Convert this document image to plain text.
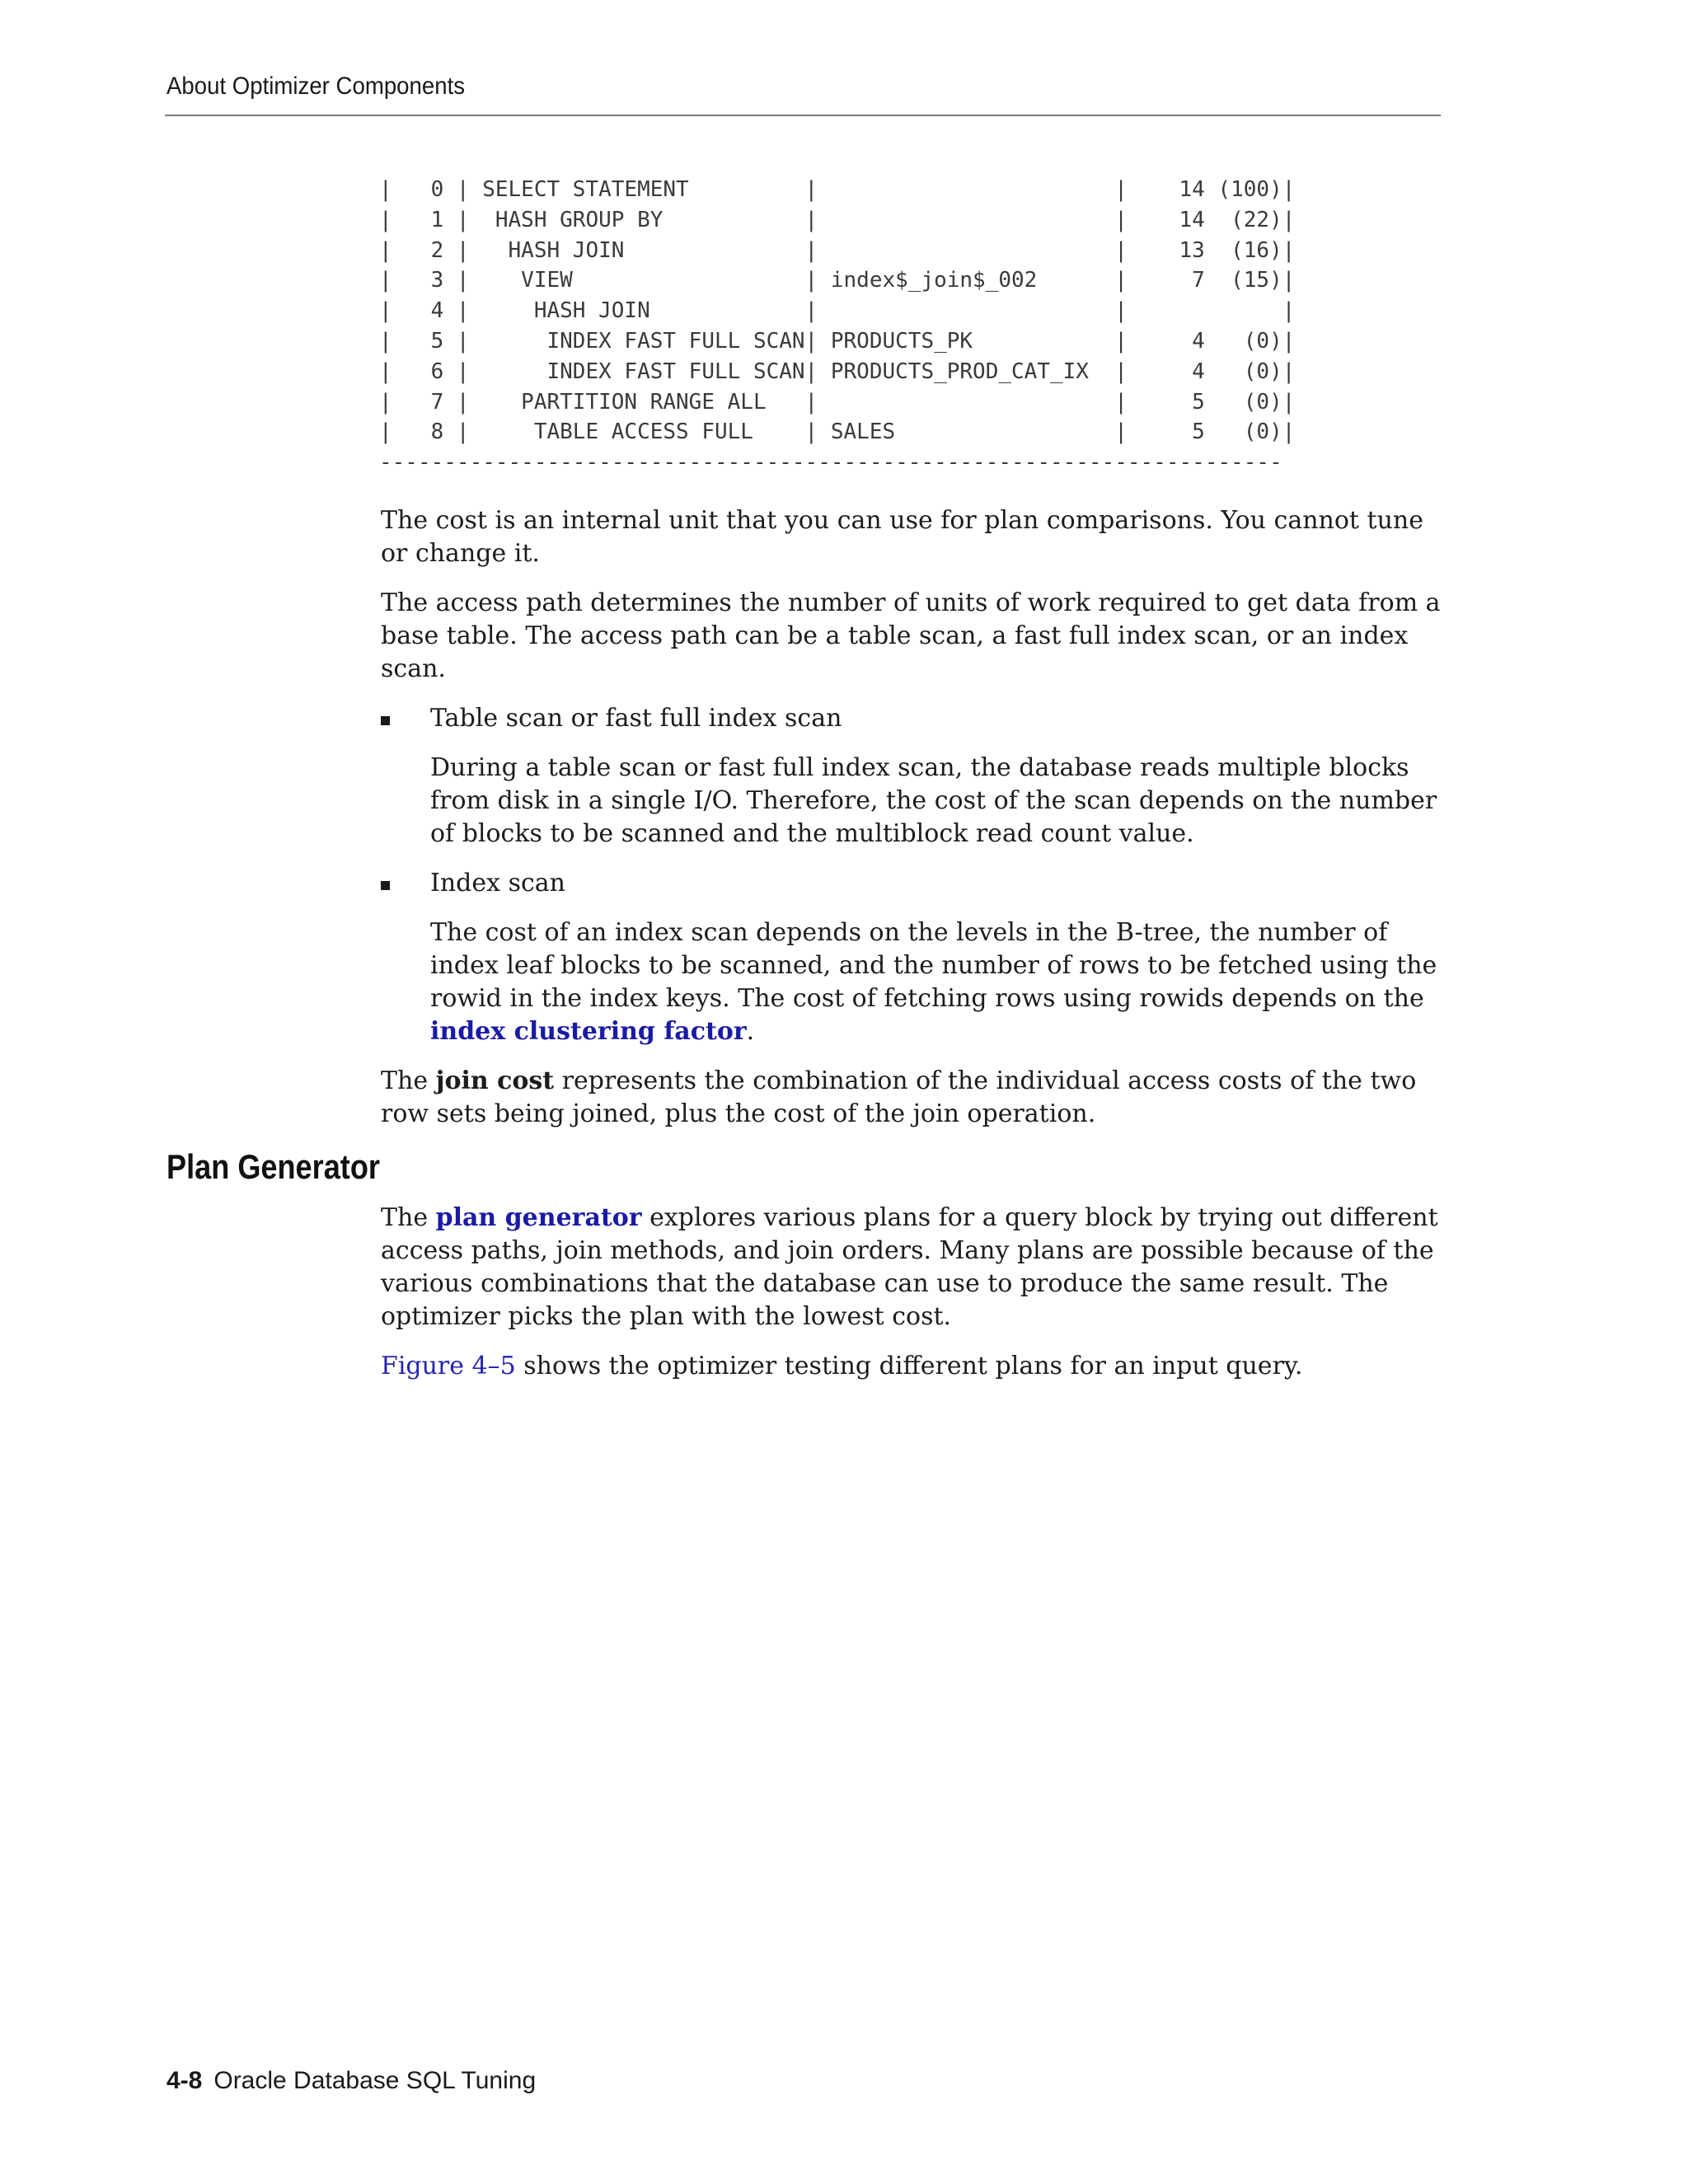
About Optimizer Components
|   0 | SELECT STATEMENT         |                       |    14 (100)|
|   1 |  HASH GROUP BY           |                       |    14  (22)|
|   2 |   HASH JOIN              |                       |    13  (16)|
|   3 |    VIEW                  | index$_join$_002      |     7  (15)|
|   4 |     HASH JOIN            |                       |            |
|   5 |      INDEX FAST FULL SCAN| PRODUCTS_PK           |     4   (0)|
|   6 |      INDEX FAST FULL SCAN| PRODUCTS_PROD_CAT_IX  |     4   (0)|
|   7 |    PARTITION RANGE ALL   |                       |     5   (0)|
|   8 |     TABLE ACCESS FULL    | SALES                 |     5   (0)|
----------------------------------------------------------------------

The cost is an internal unit that you can use for plan comparisons. You cannot tune or change it.

The access path determines the number of units of work required to get data from a base table. The access path can be a table scan, a fast full index scan, or an index scan.

Table scan or fast full index scan

During a table scan or fast full index scan, the database reads multiple blocks from disk in a single I/O. Therefore, the cost of the scan depends on the number of blocks to be scanned and the multiblock read count value.

Index scan

The cost of an index scan depends on the levels in the B-tree, the number of index leaf blocks to be scanned, and the number of rows to be fetched using the rowid in the index keys. The cost of fetching rows using rowids depends on the index clustering factor.

The join cost represents the combination of the individual access costs of the two row sets being joined, plus the cost of the join operation.

Plan Generator

The plan generator explores various plans for a query block by trying out different access paths, join methods, and join orders. Many plans are possible because of the various combinations that the database can use to produce the same result. The optimizer picks the plan with the lowest cost.

Figure 4–5 shows the optimizer testing different plans for an input query.

4-8 Oracle Database SQL Tuning
